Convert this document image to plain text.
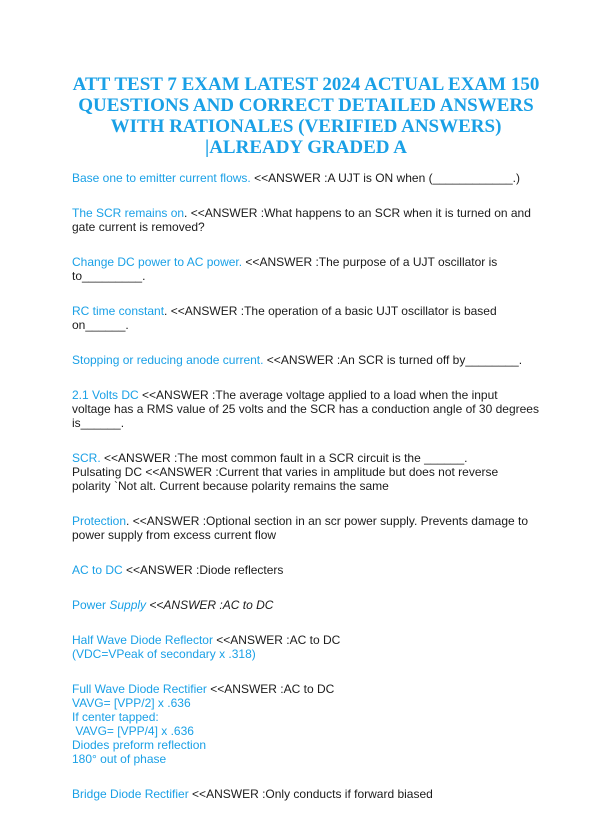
ATT TEST 7 EXAM LATEST 2024 ACTUAL EXAM 150
QUESTIONS AND CORRECT DETAILED ANSWERS
WITH RATIONALES (VERIFIED ANSWERS)
|ALREADY GRADED A
Base one to emitter current flows. <<ANSWER :A UJT is ON when (____________.)
The SCR remains on. <<ANSWER :What happens to an SCR when it is turned on and
gate current is removed?
Change DC power to AC power. <<ANSWER :The purpose of a UJT oscillator is
to_________.
RC time constant. <<ANSWER :The operation of a basic UJT oscillator is based
on______.
Stopping or reducing anode current. <<ANSWER :An SCR is turned off by________.
2.1 Volts DC <<ANSWER :The average voltage applied to a load when the input
voltage has a RMS value of 25 volts and the SCR has a conduction angle of 30 degrees
is______.
SCR. <<ANSWER :The most common fault in a SCR circuit is the ______.
Pulsating DC <<ANSWER :Current that varies in amplitude but does not reverse
polarity `Not alt. Current because polarity remains the same
Protection. <<ANSWER :Optional section in an scr power supply. Prevents damage to
power supply from excess current flow
AC to DC <<ANSWER :Diode reflecters
Power Supply <<ANSWER :AC to DC
Half Wave Diode Reflector <<ANSWER :AC to DC
(VDC=VPeak of secondary x .318)
Full Wave Diode Rectifier <<ANSWER :AC to DC
VAVG= [VPP/2] x .636
If center tapped:
VAVG= [VPP/4] x .636
Diodes preform reflection
180° out of phase
Bridge Diode Rectifier <<ANSWER :Only conducts if forward biased
